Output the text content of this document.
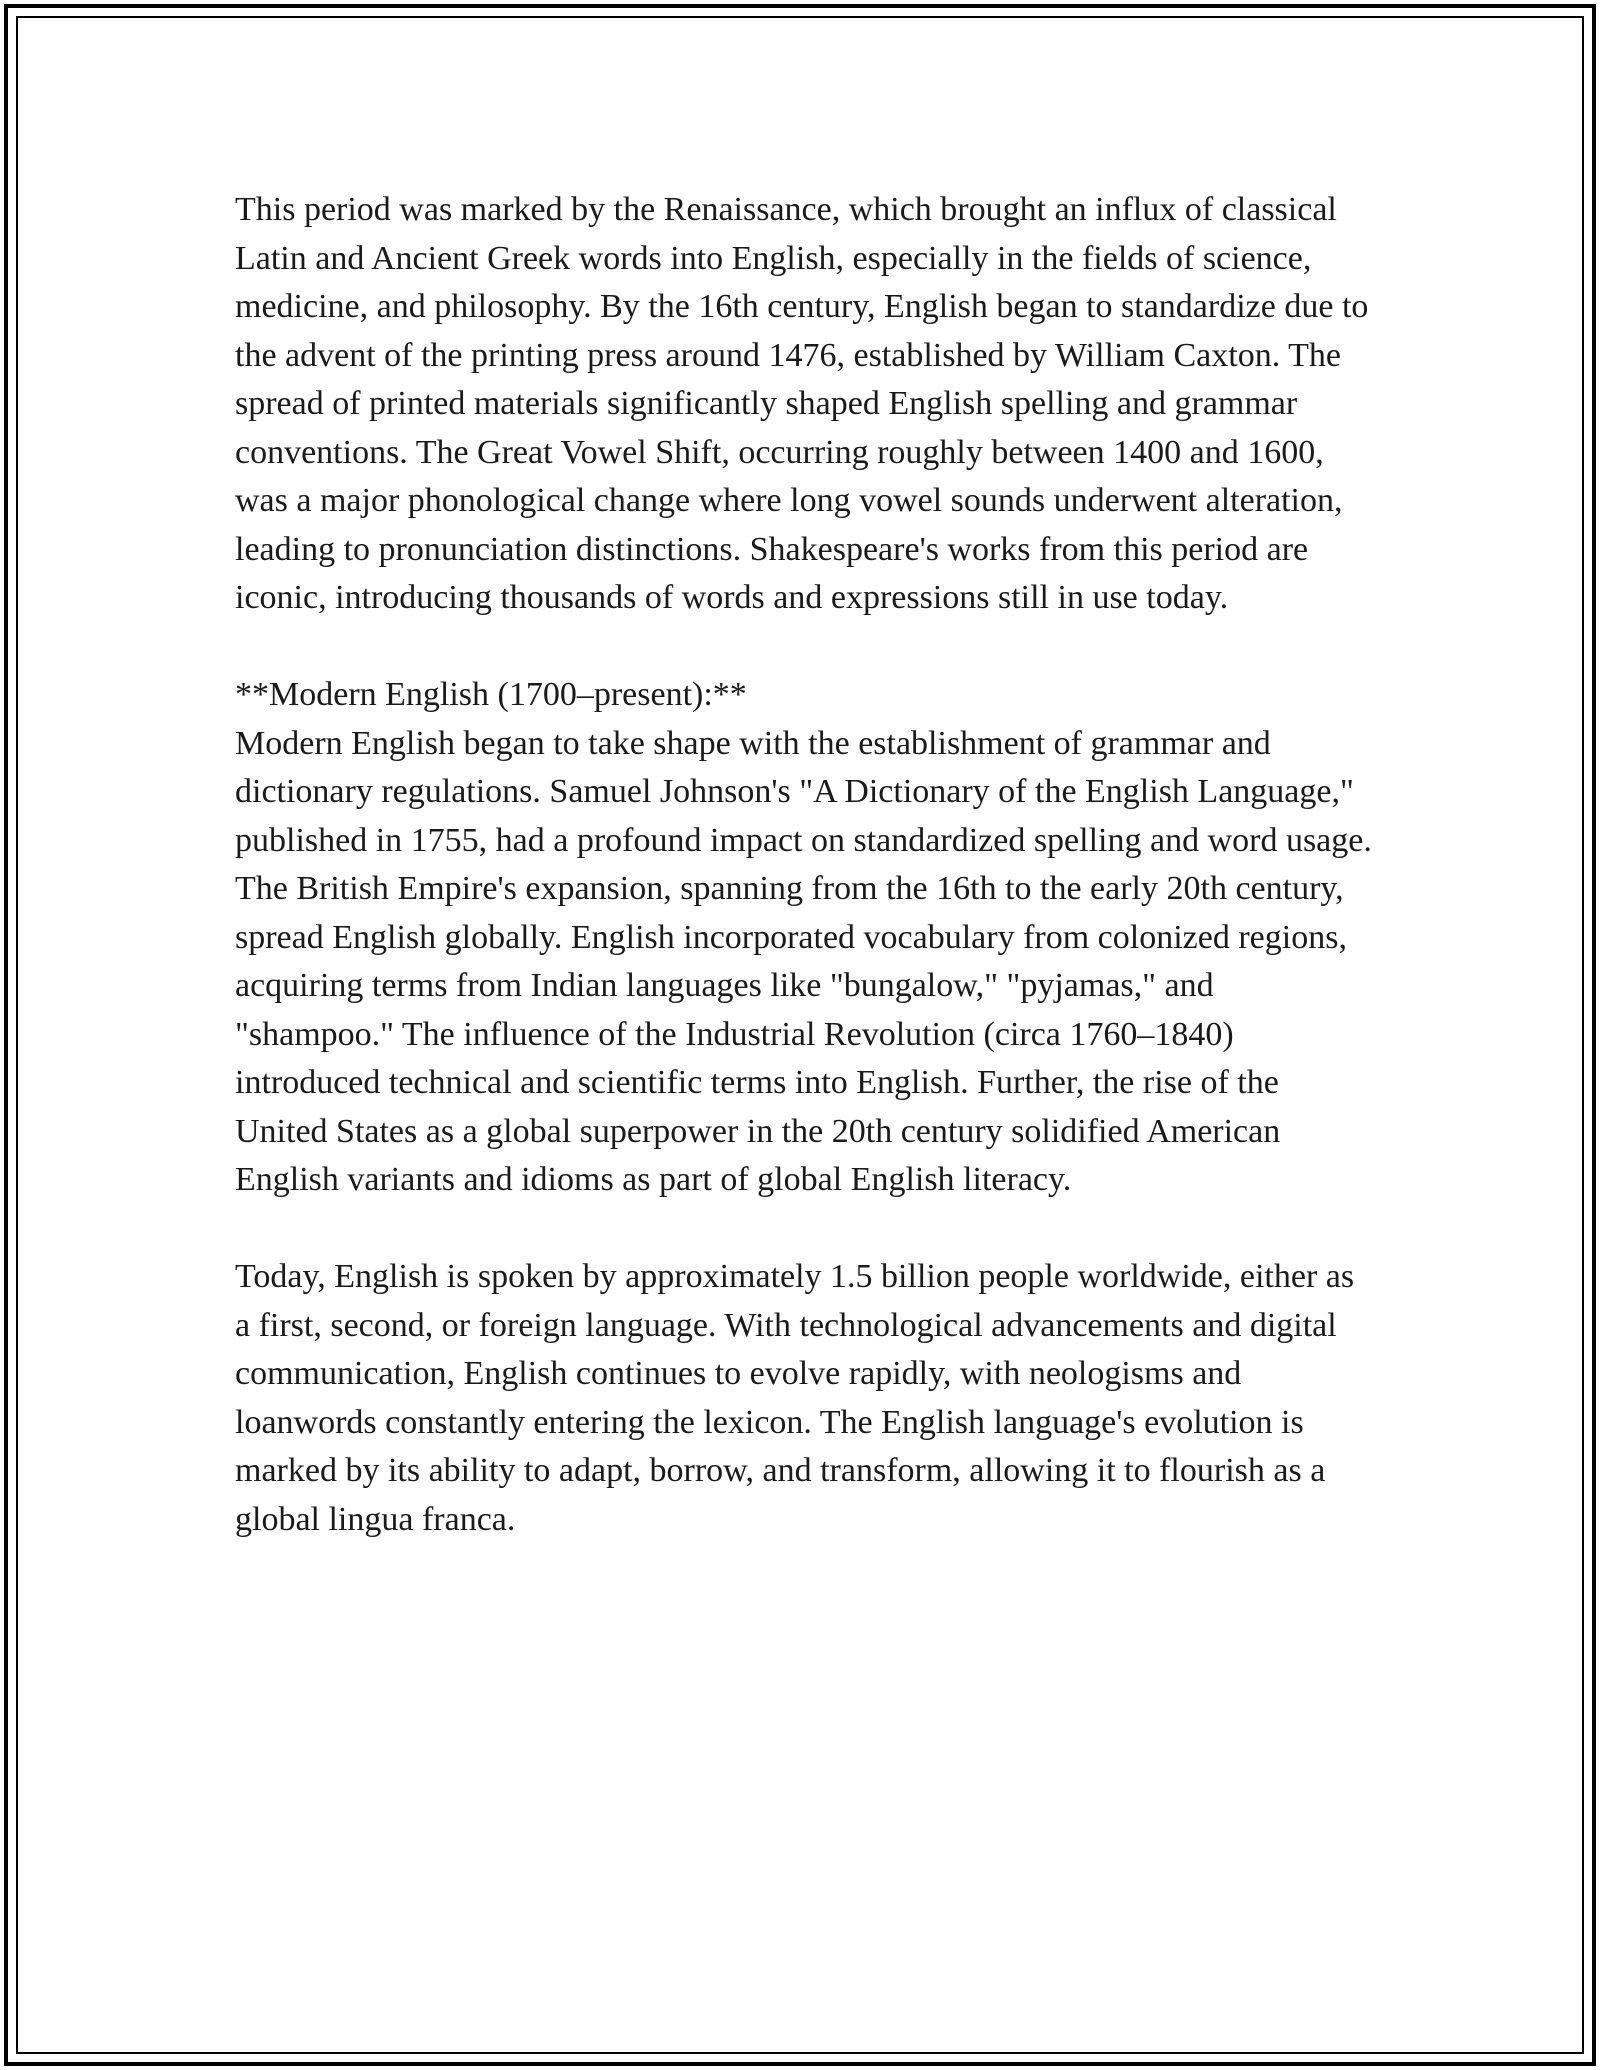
This period was marked by the Renaissance, which brought an influx of classical Latin and Ancient Greek words into English, especially in the fields of science, medicine, and philosophy. By the 16th century, English began to standardize due to the advent of the printing press around 1476, established by William Caxton. The spread of printed materials significantly shaped English spelling and grammar conventions. The Great Vowel Shift, occurring roughly between 1400 and 1600, was a major phonological change where long vowel sounds underwent alteration, leading to pronunciation distinctions. Shakespeare's works from this period are iconic, introducing thousands of words and expressions still in use today.

**Modern English (1700–present):**

Modern English began to take shape with the establishment of grammar and dictionary regulations. Samuel Johnson's "A Dictionary of the English Language," published in 1755, had a profound impact on standardized spelling and word usage. The British Empire's expansion, spanning from the 16th to the early 20th century, spread English globally. English incorporated vocabulary from colonized regions, acquiring terms from Indian languages like "bungalow," "pyjamas," and "shampoo." The influence of the Industrial Revolution (circa 1760–1840) introduced technical and scientific terms into English. Further, the rise of the United States as a global superpower in the 20th century solidified American English variants and idioms as part of global English literacy.

Today, English is spoken by approximately 1.5 billion people worldwide, either as a first, second, or foreign language. With technological advancements and digital communication, English continues to evolve rapidly, with neologisms and loanwords constantly entering the lexicon. The English language's evolution is marked by its ability to adapt, borrow, and transform, allowing it to flourish as a global lingua franca.
